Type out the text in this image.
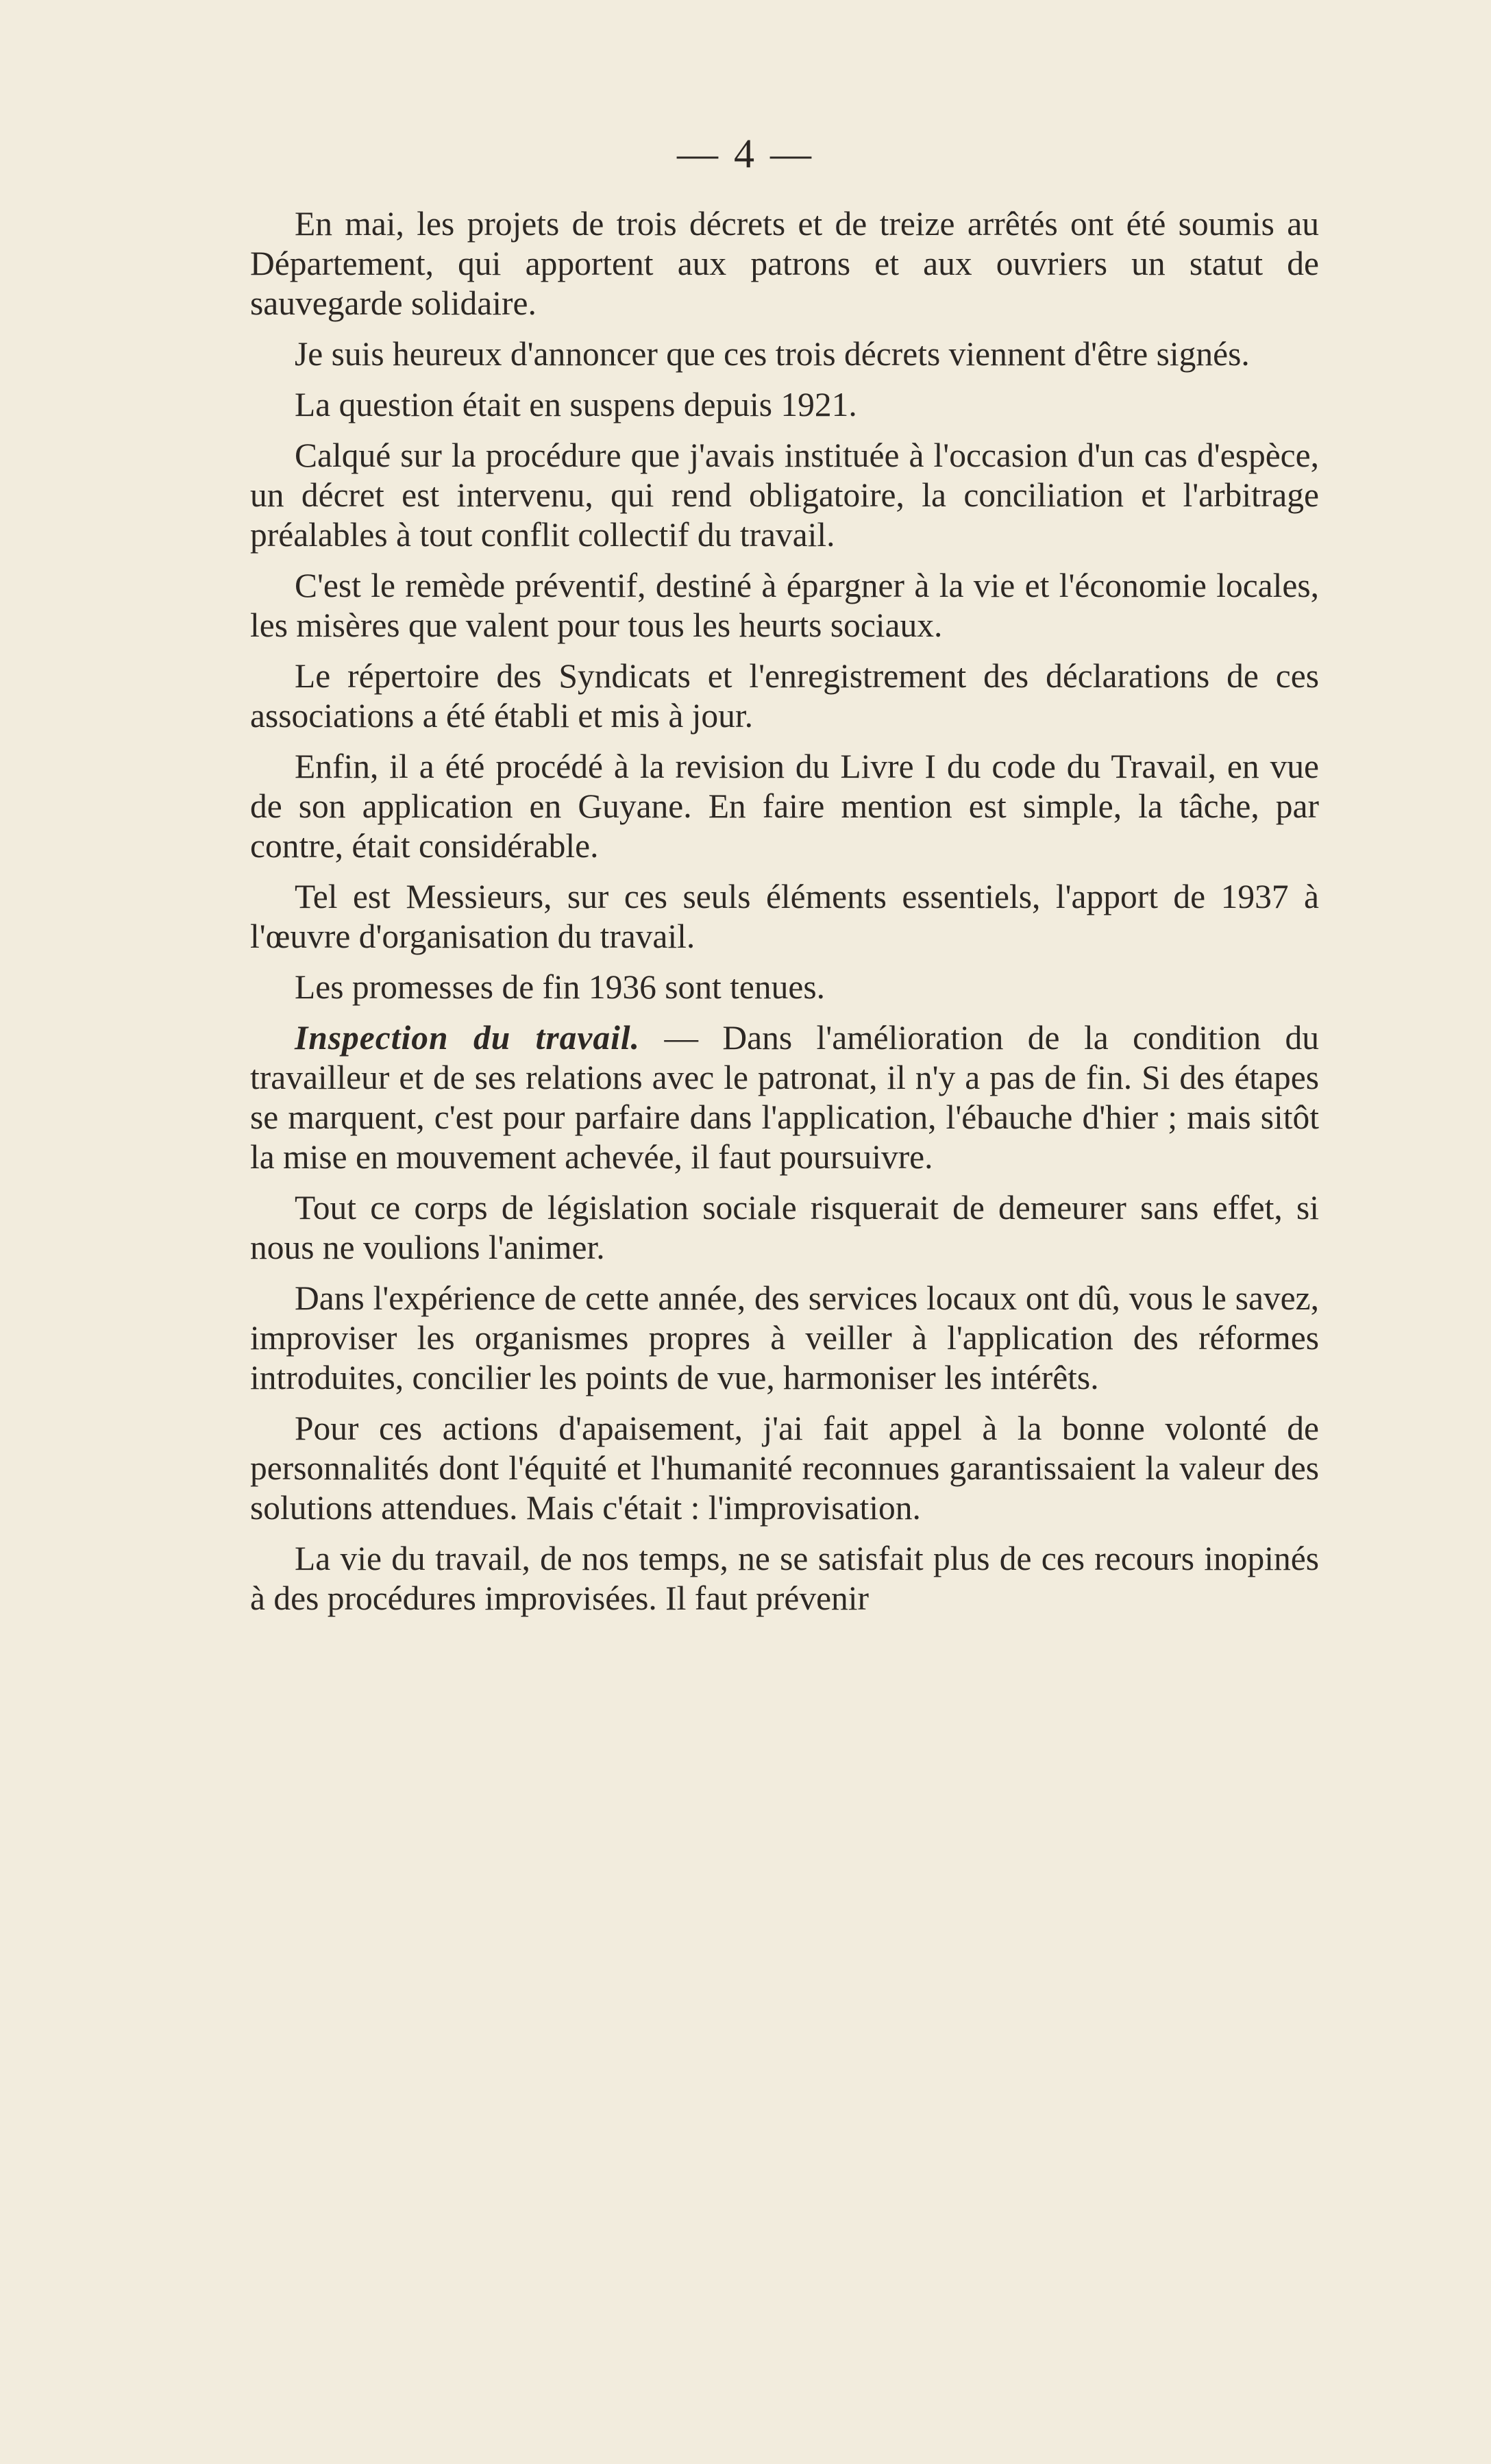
— 4 —

En mai, les projets de trois décrets et de treize arrêtés ont été soumis au Département, qui apportent aux patrons et aux ouvriers un statut de sauvegarde solidaire.

Je suis heureux d'annoncer que ces trois décrets viennent d'être signés.

La question était en suspens depuis 1921.

Calqué sur la procédure que j'avais instituée à l'occasion d'un cas d'espèce, un décret est intervenu, qui rend obligatoire, la conciliation et l'arbitrage préalables à tout conflit collectif du travail.

C'est le remède préventif, destiné à épargner à la vie et l'économie locales, les misères que valent pour tous les heurts sociaux.

Le répertoire des Syndicats et l'enregistrement des déclarations de ces associations a été établi et mis à jour.

Enfin, il a été procédé à la revision du Livre I du code du Travail, en vue de son application en Guyane. En faire mention est simple, la tâche, par contre, était considérable.

Tel est Messieurs, sur ces seuls éléments essentiels, l'apport de 1937 à l'œuvre d'organisation du travail.

Les promesses de fin 1936 sont tenues.

Inspection du travail. — Dans l'amélioration de la condition du travailleur et de ses relations avec le patronat, il n'y a pas de fin. Si des étapes se marquent, c'est pour parfaire dans l'application, l'ébauche d'hier ; mais sitôt la mise en mouvement achevée, il faut poursuivre.

Tout ce corps de législation sociale risquerait de demeurer sans effet, si nous ne voulions l'animer.

Dans l'expérience de cette année, des services locaux ont dû, vous le savez, improviser les organismes propres à veiller à l'application des réformes introduites, concilier les points de vue, harmoniser les intérêts.

Pour ces actions d'apaisement, j'ai fait appel à la bonne volonté de personnalités dont l'équité et l'humanité reconnues garantissaient la valeur des solutions attendues. Mais c'était : l'improvisation.

La vie du travail, de nos temps, ne se satisfait plus de ces recours inopinés à des procédures improvisées. Il faut prévenir
